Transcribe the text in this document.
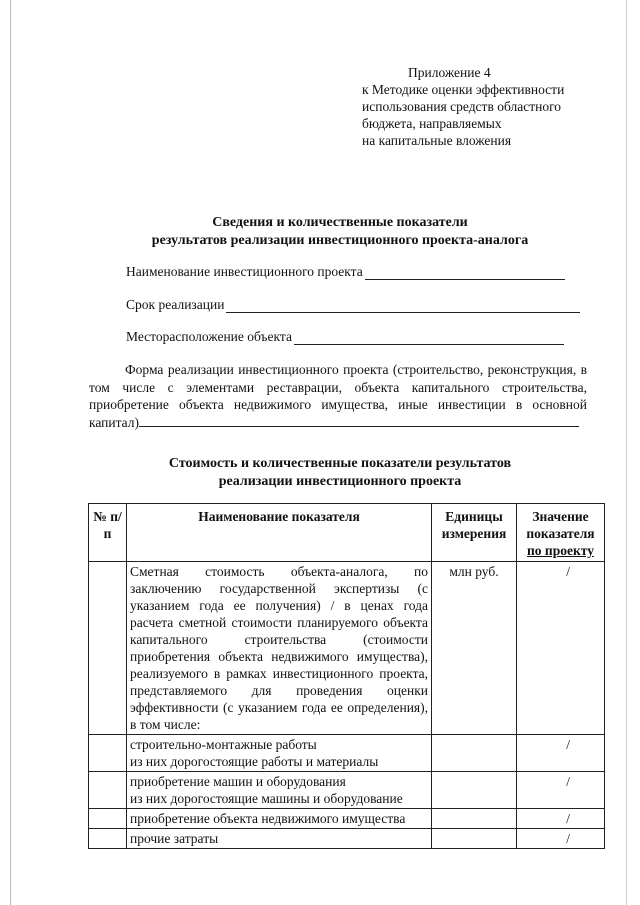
Приложение 4
к Методике оценки эффективности
использования средств областного
бюджета, направляемых
на капитальные вложения
Сведения и количественные показатели
результатов реализации инвестиционного проекта-аналога
Наименование инвестиционного проекта
Срок реализации
Месторасположение объекта
Форма реализации инвестиционного проекта (строительство, реконструкция, в том числе с элементами реставрации, объекта капитального строительства, приобретение объекта недвижимого имущества, иные инвестиции в основной капитал)
Стоимость и количественные показатели результатов
реализации инвестиционного проекта
№ п/п	Наименование показателя	Единицы измерения	Значение показателя
по проекту

	Сметная стоимость объекта-аналога, по заключению государственной экспертизы (с указанием года ее получения) / в ценах года расчета сметной стоимости планируемого объекта капитального строительства (стоимости приобретения объекта недвижимого имущества), реализуемого в рамках инвестиционного проекта, представляемого для проведения оценки эффективности (с указанием года ее определения), в том числе:	млн руб.	/

	строительно-монтажные работы
из них дорогостоящие работы и материалы		/

	приобретение машин и оборудования
из них дорогостоящие машины и оборудование		/
	приобретение объекта недвижимого имущества		/
	прочие затраты		/
